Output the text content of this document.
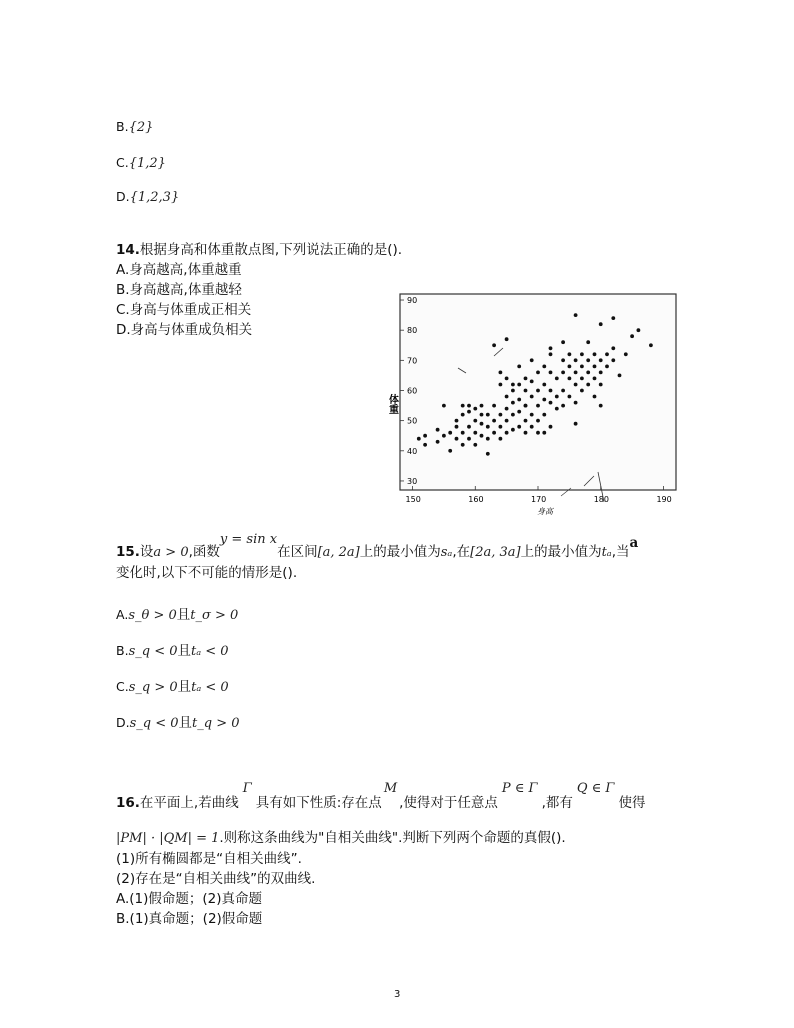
B.{2}
C.{1,2}
D.{1,2,3}
14.根据身高和体重散点图,下列说法正确的是().
A.身高越高,体重越重
B.身高越高,体重越轻
C.身高与体重成正相关
D.身高与体重成负相关
30
40
50
60
70
80
90
150	160	170	180	190
体重
身高
15.设a > 0,函数y = sin x在区间[a, 2a]上的最小值为sₐ,在[2a, 3a]上的最小值为tₐ,当a
变化时,以下不可能的情形是().
A.s_θ > 0且t_σ > 0
B.s_q < 0且tₐ < 0
C.s_q > 0且tₐ < 0
D.s_q < 0且t_q > 0
16.在平面上,若曲线Γ具有如下性质:存在点M,使得对于任意点P ∈ Γ,都有Q ∈ Γ使得
|PM| · |QM| = 1.则称这条曲线为"自相关曲线".判断下列两个命题的真假().
(1)所有椭圆都是“自相关曲线”.
(2)存在是“自相关曲线”的双曲线.
A.(1)假命题；(2)真命题
B.(1)真命题；(2)假命题
3
